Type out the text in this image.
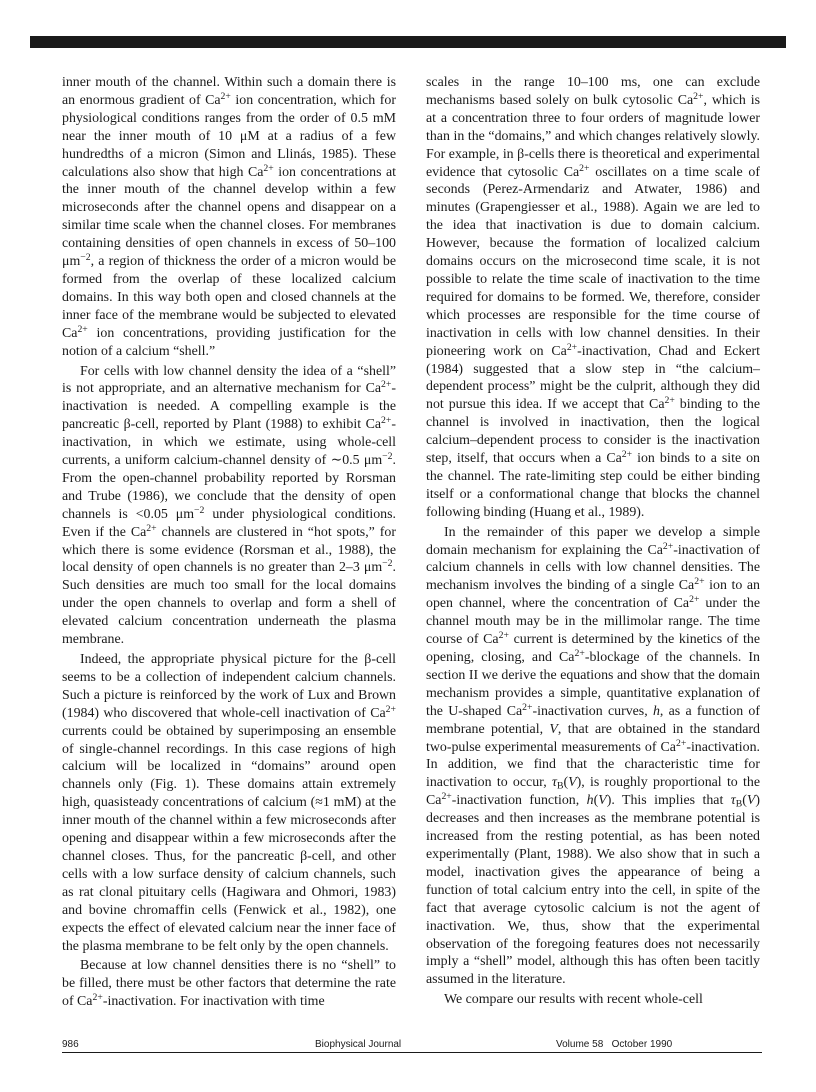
inner mouth of the channel. Within such a domain there is an enormous gradient of $Ca^{2+}$ ion concentration, which for physiological conditions ranges from the order of 0.5 mM near the inner mouth of 10 μM at a radius of a few hundredths of a micron (Simon and Llinás, 1985). These calculations also show that high $Ca^{2+}$ ion concentrations at the inner mouth of the channel develop within a few microseconds after the channel opens and disappear on a similar time scale when the channel closes. For membranes containing densities of open channels in excess of 50–100 $\mu m^{-2}$, a region of thickness the order of a micron would be formed from the overlap of these localized calcium domains. In this way both open and closed channels at the inner face of the membrane would be subjected to elevated $Ca^{2+}$ ion concentrations, providing justification for the notion of a calcium “shell.”

For cells with low channel density the idea of a “shell” is not appropriate, and an alternative mechanism for $Ca^{2+}$-inactivation is needed. A compelling example is the pancreatic β-cell, reported by Plant (1988) to exhibit $Ca^{2+}$-inactivation, in which we estimate, using whole-cell currents, a uniform calcium-channel density of ∼0.5 $\mu m^{-2}$. From the open-channel probability reported by Rorsman and Trube (1986), we conclude that the density of open channels is <0.05 $\mu m^{-2}$ under physiological conditions. Even if the $Ca^{2+}$ channels are clustered in “hot spots,” for which there is some evidence (Rorsman et al., 1988), the local density of open channels is no greater than 2–3 $\mu m^{-2}$. Such densities are much too small for the local domains under the open channels to overlap and form a shell of elevated calcium concentration underneath the plasma membrane.

Indeed, the appropriate physical picture for the β-cell seems to be a collection of independent calcium channels. Such a picture is reinforced by the work of Lux and Brown (1984) who discovered that whole-cell inactivation of $Ca^{2+}$ currents could be obtained by superimposing an ensemble of single-channel recordings. In this case regions of high calcium will be localized in “domains” around open channels only (Fig. 1). These domains attain extremely high, quasisteady concentrations of calcium (≈1 mM) at the inner mouth of the channel within a few microseconds after opening and disappear within a few microseconds after the channel closes. Thus, for the pancreatic β-cell, and other cells with a low surface density of calcium channels, such as rat clonal pituitary cells (Hagiwara and Ohmori, 1983) and bovine chromaffin cells (Fenwick et al., 1982), one expects the effect of elevated calcium near the inner face of the plasma membrane to be felt only by the open channels.

Because at low channel densities there is no “shell” to be filled, there must be other factors that determine the rate of $Ca^{2+}$-inactivation. For inactivation with time

scales in the range 10–100 ms, one can exclude mechanisms based solely on bulk cytosolic $Ca^{2+}$, which is at a concentration three to four orders of magnitude lower than in the “domains,” and which changes relatively slowly. For example, in β-cells there is theoretical and experimental evidence that cytosolic $Ca^{2+}$ oscillates on a time scale of seconds (Perez-Armendariz and Atwater, 1986) and minutes (Grapengiesser et al., 1988). Again we are led to the idea that inactivation is due to domain calcium. However, because the formation of localized calcium domains occurs on the microsecond time scale, it is not possible to relate the time scale of inactivation to the time required for domains to be formed. We, therefore, consider which processes are responsible for the time course of inactivation in cells with low channel densities. In their pioneering work on $Ca^{2+}$-inactivation, Chad and Eckert (1984) suggested that a slow step in “the calcium–dependent process” might be the culprit, although they did not pursue this idea. If we accept that $Ca^{2+}$ binding to the channel is involved in inactivation, then the logical calcium–dependent process to consider is the inactivation step, itself, that occurs when a $Ca^{2+}$ ion binds to a site on the channel. The rate-limiting step could be either binding itself or a conformational change that blocks the channel following binding (Huang et al., 1989).

In the remainder of this paper we develop a simple domain mechanism for explaining the $Ca^{2+}$-inactivation of calcium channels in cells with low channel densities. The mechanism involves the binding of a single $Ca^{2+}$ ion to an open channel, where the concentration of $Ca^{2+}$ under the channel mouth may be in the millimolar range. The time course of $Ca^{2+}$ current is determined by the kinetics of the opening, closing, and $Ca^{2+}$-blockage of the channels. In section II we derive the equations and show that the domain mechanism provides a simple, quantitative explanation of the U-shaped $Ca^{2+}$-inactivation curves, h, as a function of membrane potential, V, that are obtained in the standard two-pulse experimental measurements of $Ca^{2+}$-inactivation. In addition, we find that the characteristic time for inactivation to occur, $\tau_B(V)$, is roughly proportional to the $Ca^{2+}$-inactivation function, h(V). This implies that $\tau_B(V)$ decreases and then increases as the membrane potential is increased from the resting potential, as has been noted experimentally (Plant, 1988). We also show that in such a model, inactivation gives the appearance of being a function of total calcium entry into the cell, in spite of the fact that average cytosolic calcium is not the agent of inactivation. We, thus, show that the experimental observation of the foregoing features does not necessarily imply a “shell” model, although this has often been tacitly assumed in the literature.

We compare our results with recent whole-cell

986	Biophysical Journal	Volume 58   October 1990
